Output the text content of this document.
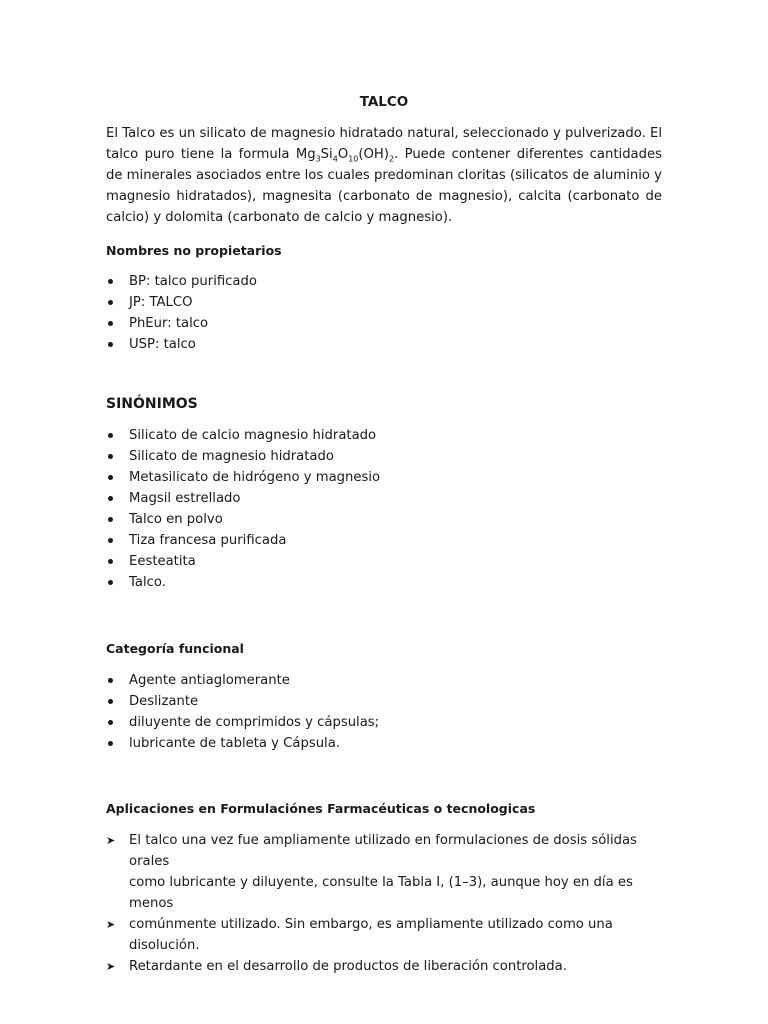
TALCO

El Talco es un silicato de magnesio hidratado natural, seleccionado y pulverizado. El talco puro tiene la formula $Mg_3Si_4O_{10}(OH)_2$. Puede contener diferentes cantidades de minerales asociados entre los cuales predominan cloritas (silicatos de aluminio y magnesio hidratados), magnesita (carbonato de magnesio), calcita (carbonato de calcio) y dolomita (carbonato de calcio y magnesio).

Nombres no propietarios

BP: talco purificado
JP: TALCO
PhEur: talco
USP: talco

SINÓNIMOS

Silicato de calcio magnesio hidratado
Silicato de magnesio hidratado
Metasilicato de hidrógeno y magnesio
Magsil estrellado
Talco en polvo
Tiza francesa purificada
Eesteatita
Talco.

Categoría funcional

Agente antiaglomerante
Deslizante
diluyente de comprimidos y cápsulas;
lubricante de tableta y Cápsula.

Aplicaciones en Formulaciónes Farmacéuticas o tecnologicas

➤ El talco una vez fue ampliamente utilizado en formulaciones de dosis sólidas orales
como lubricante y diluyente, consulte la Tabla I, (1–3), aunque hoy en día es menos
➤ comúnmente utilizado. Sin embargo, es ampliamente utilizado como una disolución.
➤ Retardante en el desarrollo de productos de liberación controlada.
